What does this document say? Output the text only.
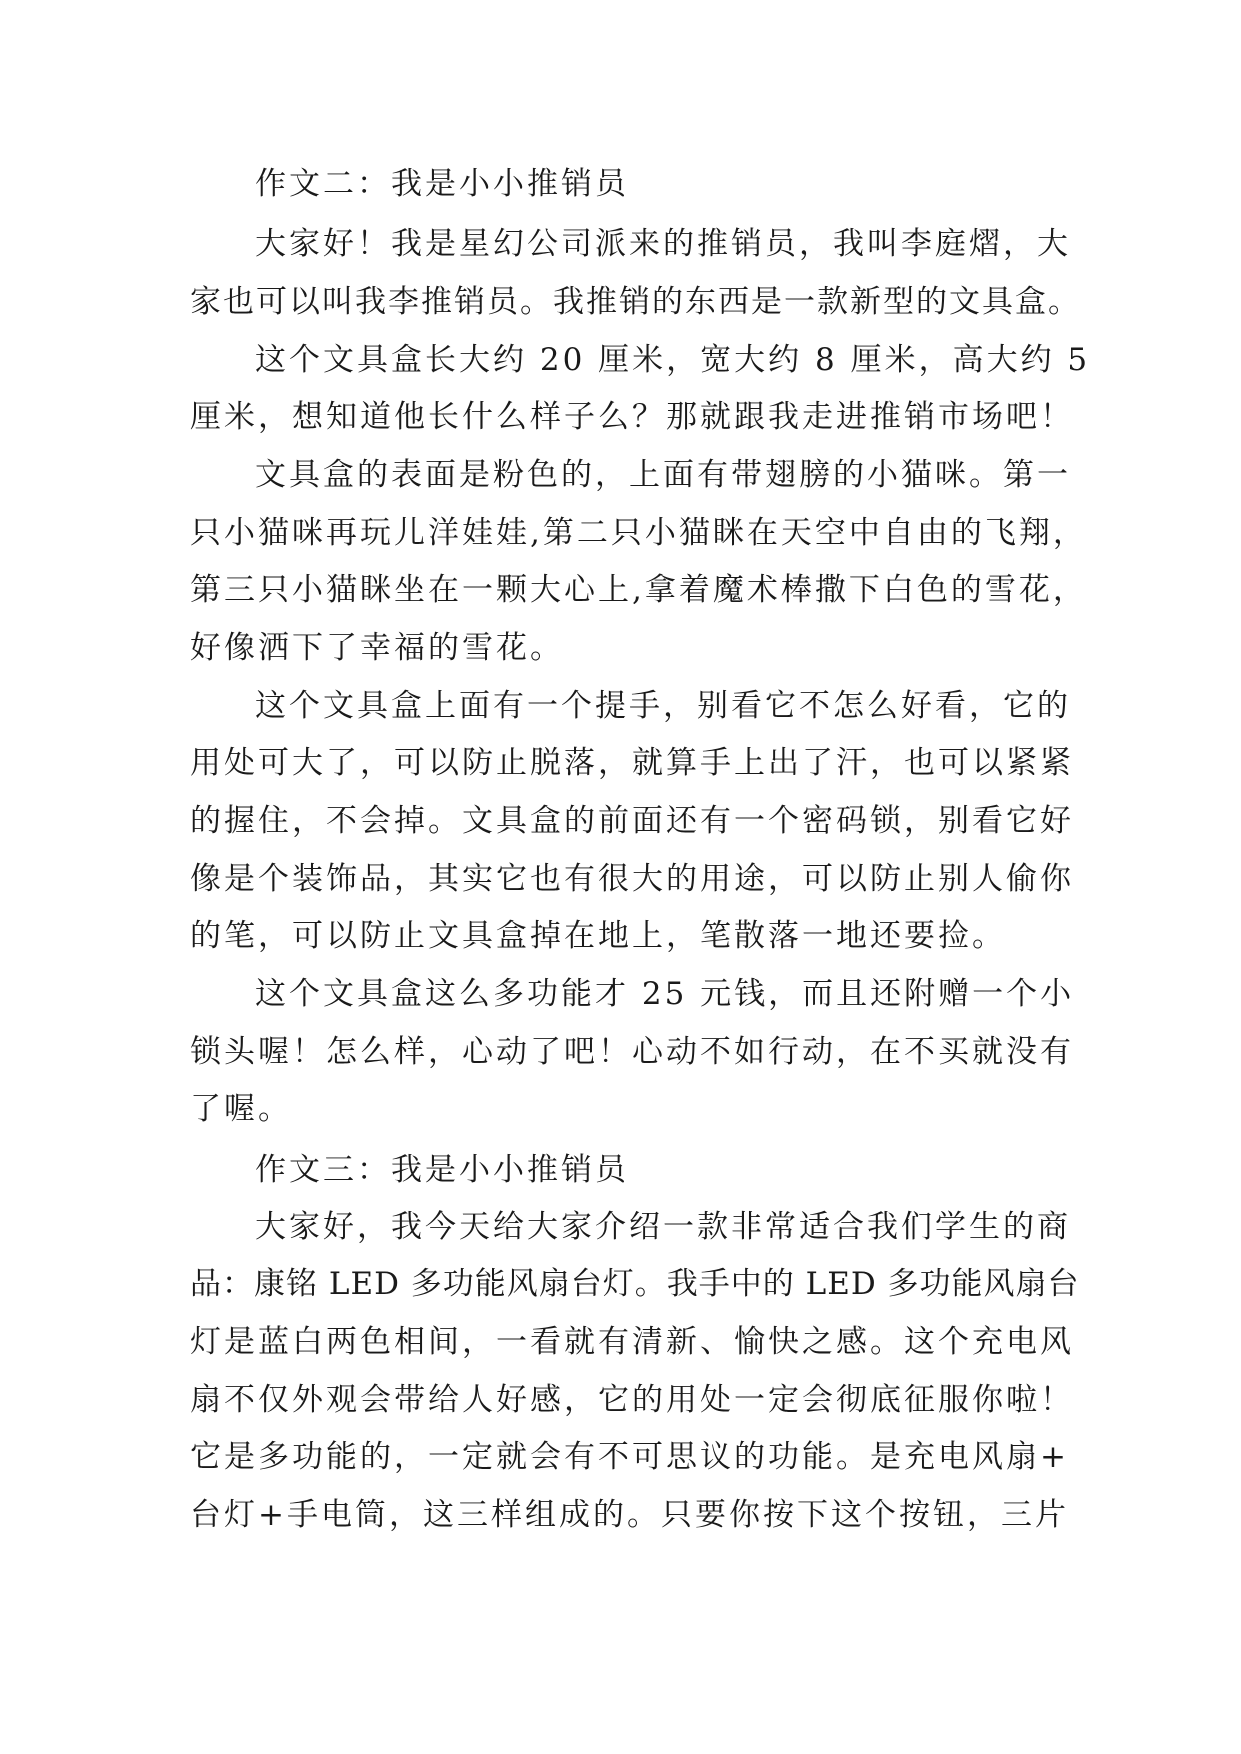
作文二：我是小小推销员

大家好！我是星幻公司派来的推销员，我叫李庭熠，大

家也可以叫我李推销员。我推销的东西是一款新型的文具盒。

这个文具盒长大约 20 厘米，宽大约 8 厘米，高大约 5

厘米，想知道他长什么样子么？那就跟我走进推销市场吧！

文具盒的表面是粉色的，上面有带翅膀的小猫咪。第一

只小猫咪再玩儿洋娃娃,第二只小猫眯在天空中自由的飞翔，

第三只小猫眯坐在一颗大心上,拿着魔术棒撒下白色的雪花，

好像洒下了幸福的雪花。

这个文具盒上面有一个提手，别看它不怎么好看，它的

用处可大了，可以防止脱落，就算手上出了汗，也可以紧紧

的握住，不会掉。文具盒的前面还有一个密码锁，别看它好

像是个装饰品，其实它也有很大的用途，可以防止别人偷你

的笔，可以防止文具盒掉在地上，笔散落一地还要捡。

这个文具盒这么多功能才 25 元钱，而且还附赠一个小

锁头喔！怎么样，心动了吧！心动不如行动，在不买就没有

了喔。

作文三：我是小小推销员

大家好，我今天给大家介绍一款非常适合我们学生的商

品：康铭 LED 多功能风扇台灯。我手中的 LED 多功能风扇台

灯是蓝白两色相间，一看就有清新、愉快之感。这个充电风

扇不仅外观会带给人好感，它的用处一定会彻底征服你啦！

它是多功能的，一定就会有不可思议的功能。是充电风扇+

台灯+手电筒，这三样组成的。只要你按下这个按钮，三片
